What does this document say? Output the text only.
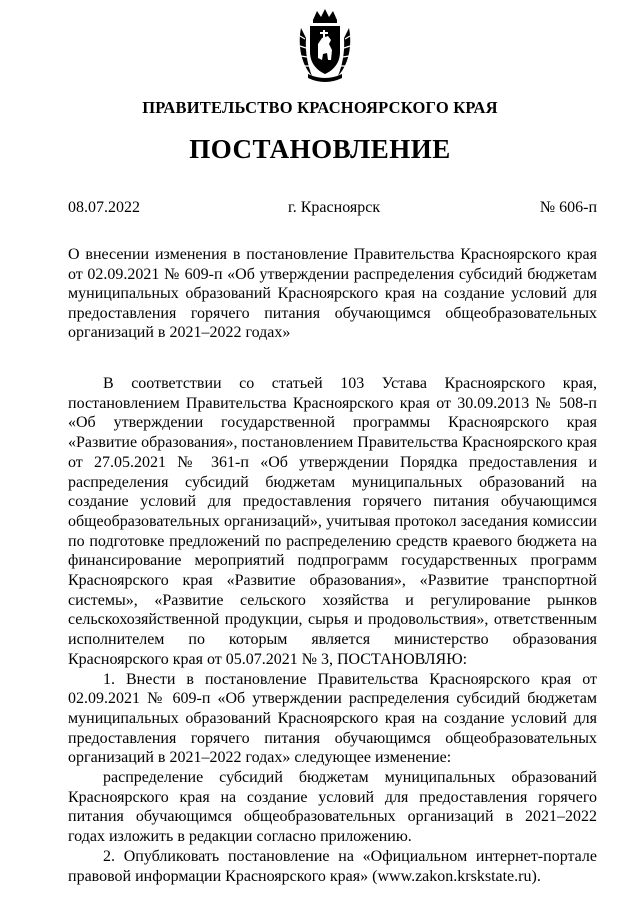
ПРАВИТЕЛЬСТВО КРАСНОЯРСКОГО КРАЯ
ПОСТАНОВЛЕНИЕ
08.07.2022	г. Красноярск	№ 606-п
О внесении изменения в постановление Правительства Красноярского края от 02.09.2021 № 609-п «Об утверждении распределения субсидий бюджетам муниципальных образований Красноярского края на создание условий для предоставления горячего питания обучающимся общеобразовательных организаций в 2021–2022 годах»

В соответствии со статьей 103 Устава Красноярского края, постановлением Правительства Красноярского края от 30.09.2013 № 508-п «Об утверждении государственной программы Красноярского края «Развитие образования», постановлением Правительства Красноярского края от 27.05.2021 № 361-п «Об утверждении Порядка предоставления и распределения субсидий бюджетам муниципальных образований на создание условий для предоставления горячего питания обучающимся общеобразовательных организаций», учитывая протокол заседания комиссии по подготовке предложений по распределению средств краевого бюджета на финансирование мероприятий подпрограмм государственных программ Красноярского края «Развитие образования», «Развитие транспортной системы», «Развитие сельского хозяйства и регулирование рынков сельскохозяйственной продукции, сырья и продовольствия», ответственным исполнителем по которым является министерство образования Красноярского края от 05.07.2021 № 3, ПОСТАНОВЛЯЮ:

1. Внести в постановление Правительства Красноярского края от 02.09.2021 № 609-п «Об утверждении распределения субсидий бюджетам муниципальных образований Красноярского края на создание условий для предоставления горячего питания обучающимся общеобразовательных организаций в 2021–2022 годах» следующее изменение:

распределение субсидий бюджетам муниципальных образований Красноярского края на создание условий для предоставления горячего питания обучающимся общеобразовательных организаций в 2021–2022 годах изложить в редакции согласно приложению.

2. Опубликовать постановление на «Официальном интернет-портале правовой информации Красноярского края» (www.zakon.krskstate.ru).
